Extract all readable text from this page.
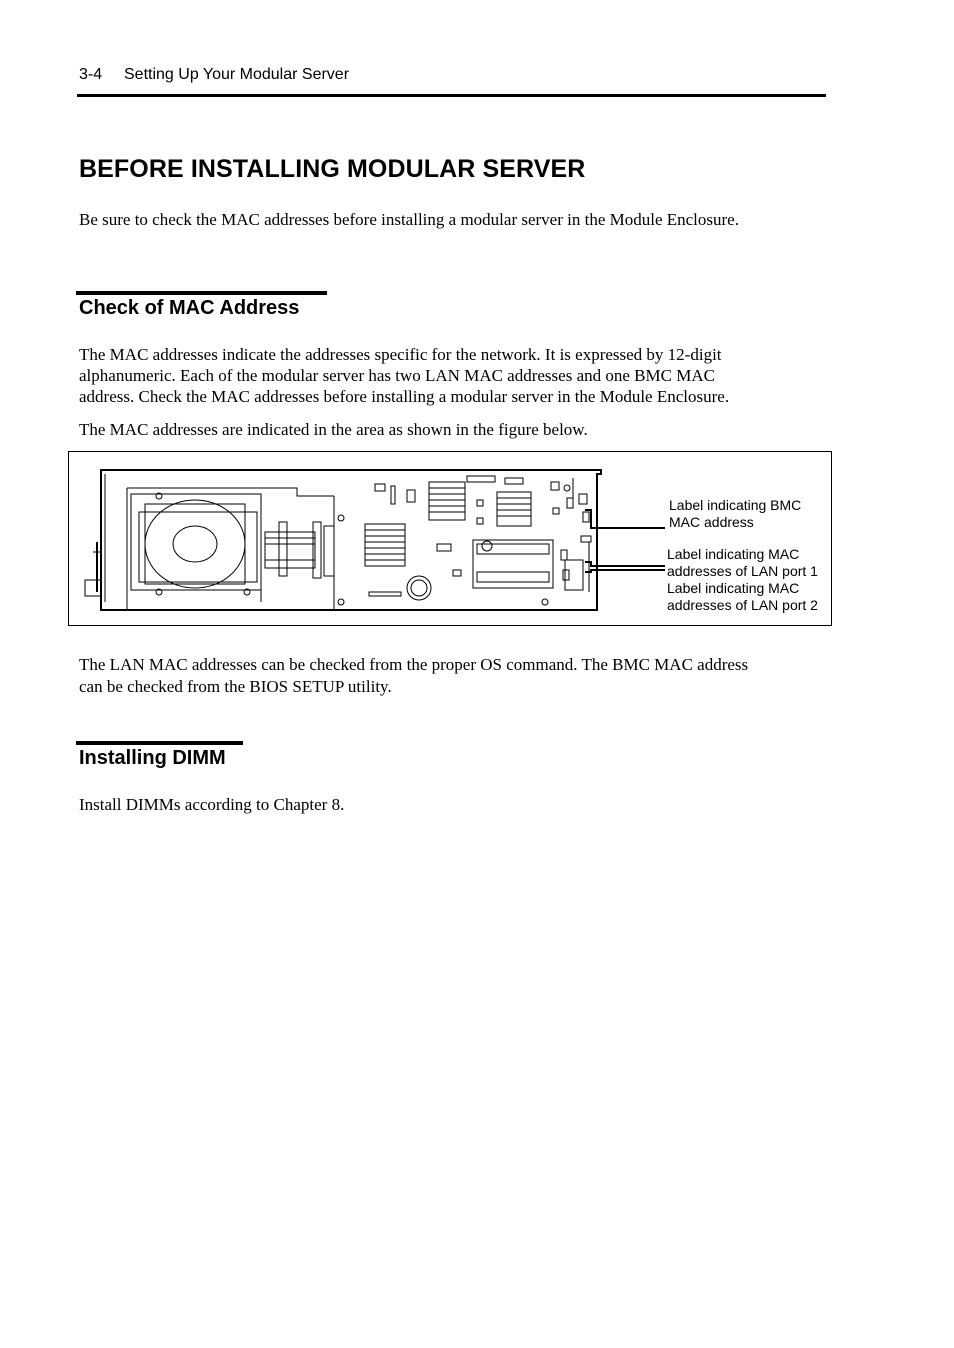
3-4 Setting Up Your Modular Server
BEFORE INSTALLING MODULAR SERVER
Be sure to check the MAC addresses before installing a modular server in the Module Enclosure.
Check of MAC Address
The MAC addresses indicate the addresses specific for the network. It is expressed by 12-digit
alphanumeric. Each of the modular server has two LAN MAC addresses and one BMC MAC
address. Check the MAC addresses before installing a modular server in the Module Enclosure.
The MAC addresses are indicated in the area as shown in the figure below.
Label indicating BMC
MAC address
Label indicating MAC
addresses of LAN port 1
Label indicating MAC
addresses of LAN port 2
The LAN MAC addresses can be checked from the proper OS command. The BMC MAC address
can be checked from the BIOS SETUP utility.
Installing DIMM
Install DIMMs according to Chapter 8.
